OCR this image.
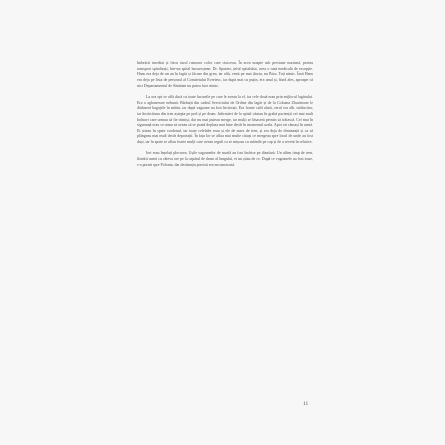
Imbrăcii imediat și fiecu turul rumoror color care ciuiceau. În acea noapte sub presiune maximă, pentru transport spitalizați, într-un spital bucureștean. Dr. Spanier, șeful spitalului, avea o rază medicală de excepție. Hans era deja de un an în lagăr și făcuse din greu, iar altă, venit pe mai târziu, nu Bicu. Toți nimic. Însă Hans era deja pe lista de personal al Comitetului Evreiesc, iar după mai cu puțin, era unul și, fiind ales, aproape că nici Departamentul de Sănătate nu putea face nimic.

La ora opt se află dacă cu toate lucrurile pe care le aveau la el, iar cele două erau prin mijlocul lagărului. Era o aglomerare nebună. Bărbații din cadrul Serviciului de Ordine din lagăr și de la Coloana Zburătoare le dăduseră bagajele în mâini, iar după vagoane au fost încărcați. Era foarte cald afară, cerul era alb, strălucitor, iar încărcătura din tren aștepta pe pod și pe drum. Infirmieri de la spital căutau în grabă pacienții cei mai mult bolnavi care urmau să fie trimiși, dar nu mai puteau merge, iar mulți se lăsaseră permis să trăiască. Cei mai în siguranță erau ce urma să aveau să se poată deplasa mai bine decât în momentul acela. Apoi cei rămași în urmă. Ei știeau în spate cordonul, iar toate celelalte erau și ele de mers de tren, și era deja de dimineață și ca să plângeau mai mult decât deportații. În fața lor se aflau mai multe cătuși ce mergeau spre locul de unde au fost duși, iar în spate se aflau foarte mulți care aveau reguli ca se mișcau cu mâinile pe cap și de a reveni în relative.

Ieri erau înșelați plecarea. Ușile vagoanelor de marfă au fost închise pe dinafară. Un ultim timp de tren, fiindcă urmă cu câteva ore pe la capătul de drum al lungului, ei nu știau de ce. După ce vagoanele au fost trase, s-a pornit spre Polonia, dar destinația precisă era necunoscută.

11
